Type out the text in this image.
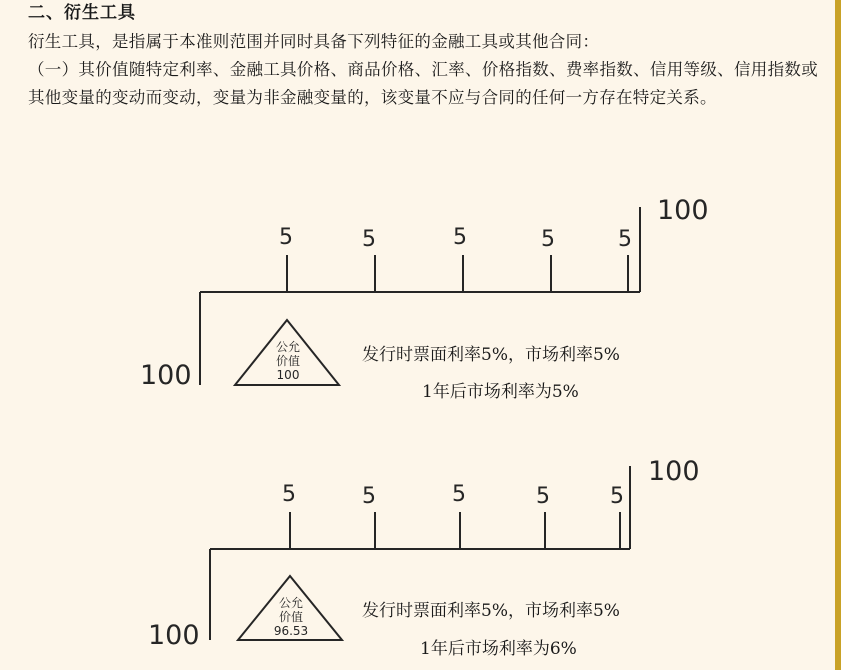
二、衍生工具

衍生工具，是指属于本准则范围并同时具备下列特征的金融工具或其他合同：

（一）其价值随特定利率、金融工具价格、商品价格、汇率、价格指数、费率指数、信用等级、信用指数或其他变量的变动而变动，变量为非金融变量的，该变量不应与合同的任何一方存在特定关系。

100
100
5	5	5	5	5
公允
价值
100
发行时票面利率5%，市场利率5%
1年后市场利率为5%
100
100
5	5	5	5	5
公允
价值
96.53
发行时票面利率5%，市场利率5%
1年后市场利率为6%
